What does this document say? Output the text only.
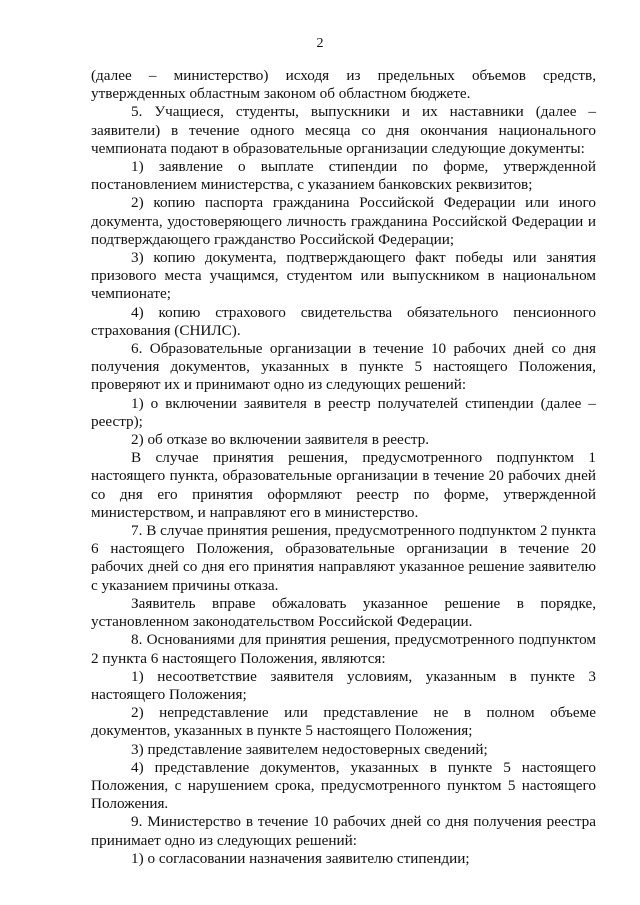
2

(далее – министерство) исходя из предельных объемов средств, утвержденных областным законом об областном бюджете.

5. Учащиеся, студенты, выпускники и их наставники (далее – заявители) в течение одного месяца со дня окончания национального чемпионата подают в образовательные организации следующие документы:

1) заявление о выплате стипендии по форме, утвержденной постановлением министерства, с указанием банковских реквизитов;

2) копию паспорта гражданина Российской Федерации или иного документа, удостоверяющего личность гражданина Российской Федерации и подтверждающего гражданство Российской Федерации;

3) копию документа, подтверждающего факт победы или занятия призового места учащимся, студентом или выпускником в национальном чемпионате;

4) копию страхового свидетельства обязательного пенсионного страхования (СНИЛС).

6. Образовательные организации в течение 10 рабочих дней со дня получения документов, указанных в пункте 5 настоящего Положения, проверяют их и принимают одно из следующих решений:

1) о включении заявителя в реестр получателей стипендии (далее – реестр);

2) об отказе во включении заявителя в реестр.

В случае принятия решения, предусмотренного подпунктом 1 настоящего пункта, образовательные организации в течение 20 рабочих дней со дня его принятия оформляют реестр по форме, утвержденной министерством, и направляют его в министерство.

7. В случае принятия решения, предусмотренного подпунктом 2 пункта 6 настоящего Положения, образовательные организации в течение 20 рабочих дней со дня его принятия направляют указанное решение заявителю с указанием причины отказа.

Заявитель вправе обжаловать указанное решение в порядке, установленном законодательством Российской Федерации.

8. Основаниями для принятия решения, предусмотренного подпунктом 2 пункта 6 настоящего Положения, являются:

1) несоответствие заявителя условиям, указанным в пункте 3 настоящего Положения;

2) непредставление или представление не в полном объеме документов, указанных в пункте 5 настоящего Положения;

3) представление заявителем недостоверных сведений;

4) представление документов, указанных в пункте 5 настоящего Положения, с нарушением срока, предусмотренного пунктом 5 настоящего Положения.

9. Министерство в течение 10 рабочих дней со дня получения реестра принимает одно из следующих решений:

1) о согласовании назначения заявителю стипендии;
